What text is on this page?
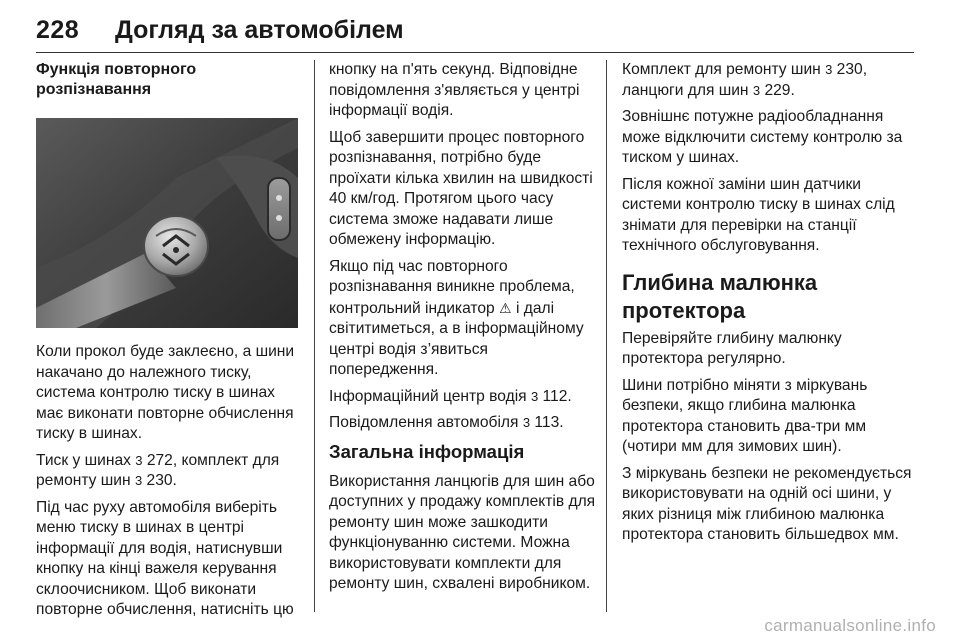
228 Догляд за автомобілем
Функція повторного розпізнавання

Коли прокол буде заклеєно, а шини накачано до належного тиску, система контролю тиску в шинах має виконати повторне обчислення тиску в шинах.

Тиск у шинах 3 272, комплект для ремонту шин 3 230.

Під час руху автомобіля виберіть меню тиску в шинах в центрі інформації для водія, натиснувши кнопку на кінці важеля керування склоочисником. Щоб виконати повторне обчислення, натисніть цю

кнопку на п'ять секунд. Відповідне повідомлення з'являється у центрі інформації водія.

Щоб завершити процес повторного розпізнавання, потрібно буде проїхати кілька хвилин на швидкості 40 км/год. Протягом цього часу система зможе надавати лише обмежену інформацію.

Якщо під час повторного розпізнавання виникне проблема, контрольний індикатор ⚠ і далі світитиметься, а в інформаційному центрі водія з’явиться попередження.

Інформаційний центр водія 3 112.

Повідомлення автомобіля 3 113.

Загальна інформація

Використання ланцюгів для шин або доступних у продажу комплектів для ремонту шин може зашкодити функціонуванню системи. Можна використовувати комплекти для ремонту шин, схвалені виробником.

Комплект для ремонту шин 3 230, ланцюги для шин 3 229.

Зовнішнє потужне радіообладнання може відключити систему контролю за тиском у шинах.

Після кожної заміни шин датчики системи контролю тиску в шинах слід знімати для перевірки на станції технічного обслуговування.

Глибина малюнка протектора

Перевіряйте глибину малюнку протектора регулярно.

Шини потрібно міняти з міркувань безпеки, якщо глибина малюнка протектора становить два-три мм (чотири мм для зимових шин).

З міркувань безпеки не рекомендується використовувати на одній осі шини, у яких різниця між глибиною малюнка протектора становить більшедвох мм.

carmanualsonline.info
